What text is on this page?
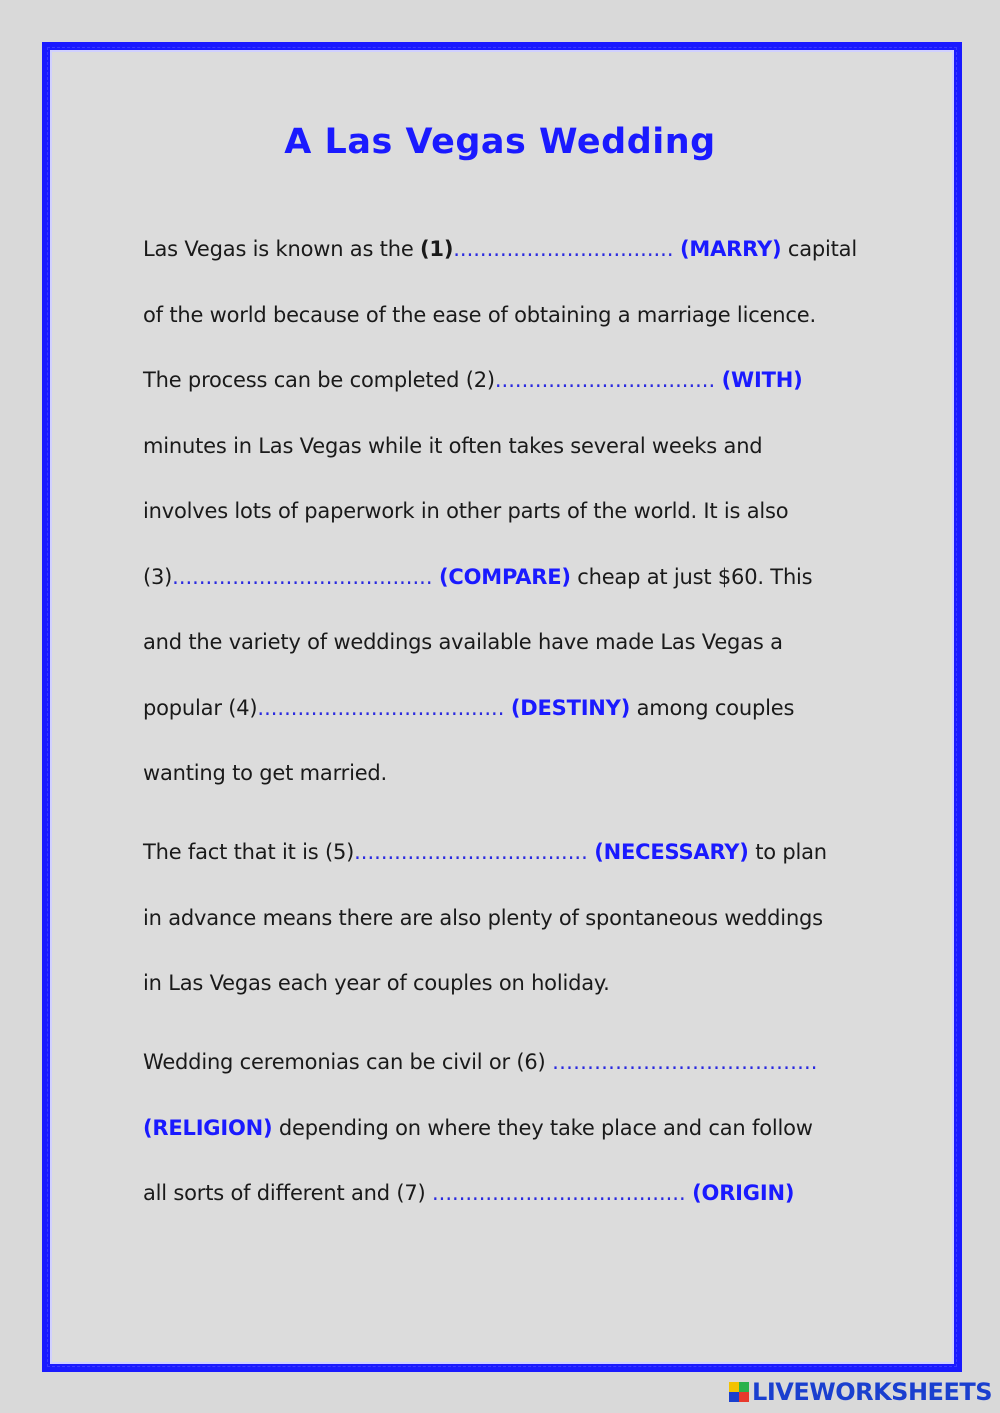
A Las Vegas Wedding
Las Vegas is known as the (1)................................. (MARRY) capital
of the world because of the ease of obtaining a marriage licence.
The process can be completed (2)................................. (WITH)
minutes in Las Vegas while it often takes several weeks and
involves lots of paperwork in other parts of the world. It is also
(3)....................................... (COMPARE) cheap at just $60. This
and the variety of weddings available have made Las Vegas a
popular (4)..................................... (DESTINY) among couples
wanting to get married.
The fact that it is (5)................................... (NECESSARY) to plan
in advance means there are also plenty of spontaneous weddings
in Las Vegas each year of couples on holiday.
Wedding ceremonias can be civil or (6) ………………………………..
(RELIGION) depending on where they take place and can follow
all sorts of different and (7) ...................................... (ORIGIN)
LIVEWORKSHEETS
